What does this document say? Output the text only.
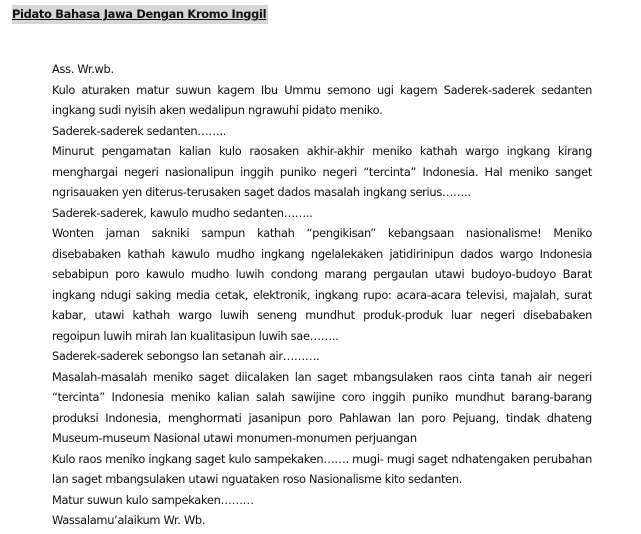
Pidato Bahasa Jawa Dengan Kromo Inggil

Ass. Wr.wb.

Kulo aturaken matur suwun kagem Ibu Ummu semono ugi kagem Saderek-saderek sedanten ingkang sudi nyisih aken wedalipun ngrawuhi pidato meniko.

Saderek-saderek sedanten……..

Minurut pengamatan kalian kulo raosaken akhir-akhir meniko kathah wargo ingkang kirang menghargai negeri nasionalipun inggih puniko negeri “tercinta” Indonesia. Hal meniko sanget ngrisauaken yen diterus-terusaken saget dados masalah ingkang serius……..

Saderek-saderek, kawulo mudho sedanten……..

Wonten jaman sakniki sampun kathah “pengikisan” kebangsaan nasionalisme! Meniko disebabaken kathah kawulo mudho ingkang ngelalekaken jatidirinipun dados wargo Indonesia sebabipun poro kawulo mudho luwih condong marang pergaulan utawi budoyo-budoyo Barat ingkang ndugi saking media cetak, elektronik, ingkang rupo: acara-acara televisi, majalah, surat kabar, utawi kathah wargo luwih seneng mundhut produk-produk luar negeri disebabaken regoipun luwih mirah lan kualitasipun luwih sae……..

Saderek-saderek sebongso lan setanah air……….

Masalah-masalah meniko saget diicalaken lan saget mbangsulaken raos cinta tanah air negeri “tercinta” Indonesia meniko kalian salah sawijine coro inggih puniko mundhut barang-barang produksi Indonesia, menghormati jasanipun poro Pahlawan lan poro Pejuang, tindak dhateng Museum-museum Nasional utawi monumen-monumen perjuangan

Kulo raos meniko ingkang saget kulo sampekaken……. mugi- mugi saget ndhatengaken perubahan lan saget mbangsulaken utawi nguataken roso Nasionalisme kito sedanten.

Matur suwun kulo sampekaken………

Wassalamu’alaikum Wr. Wb.
